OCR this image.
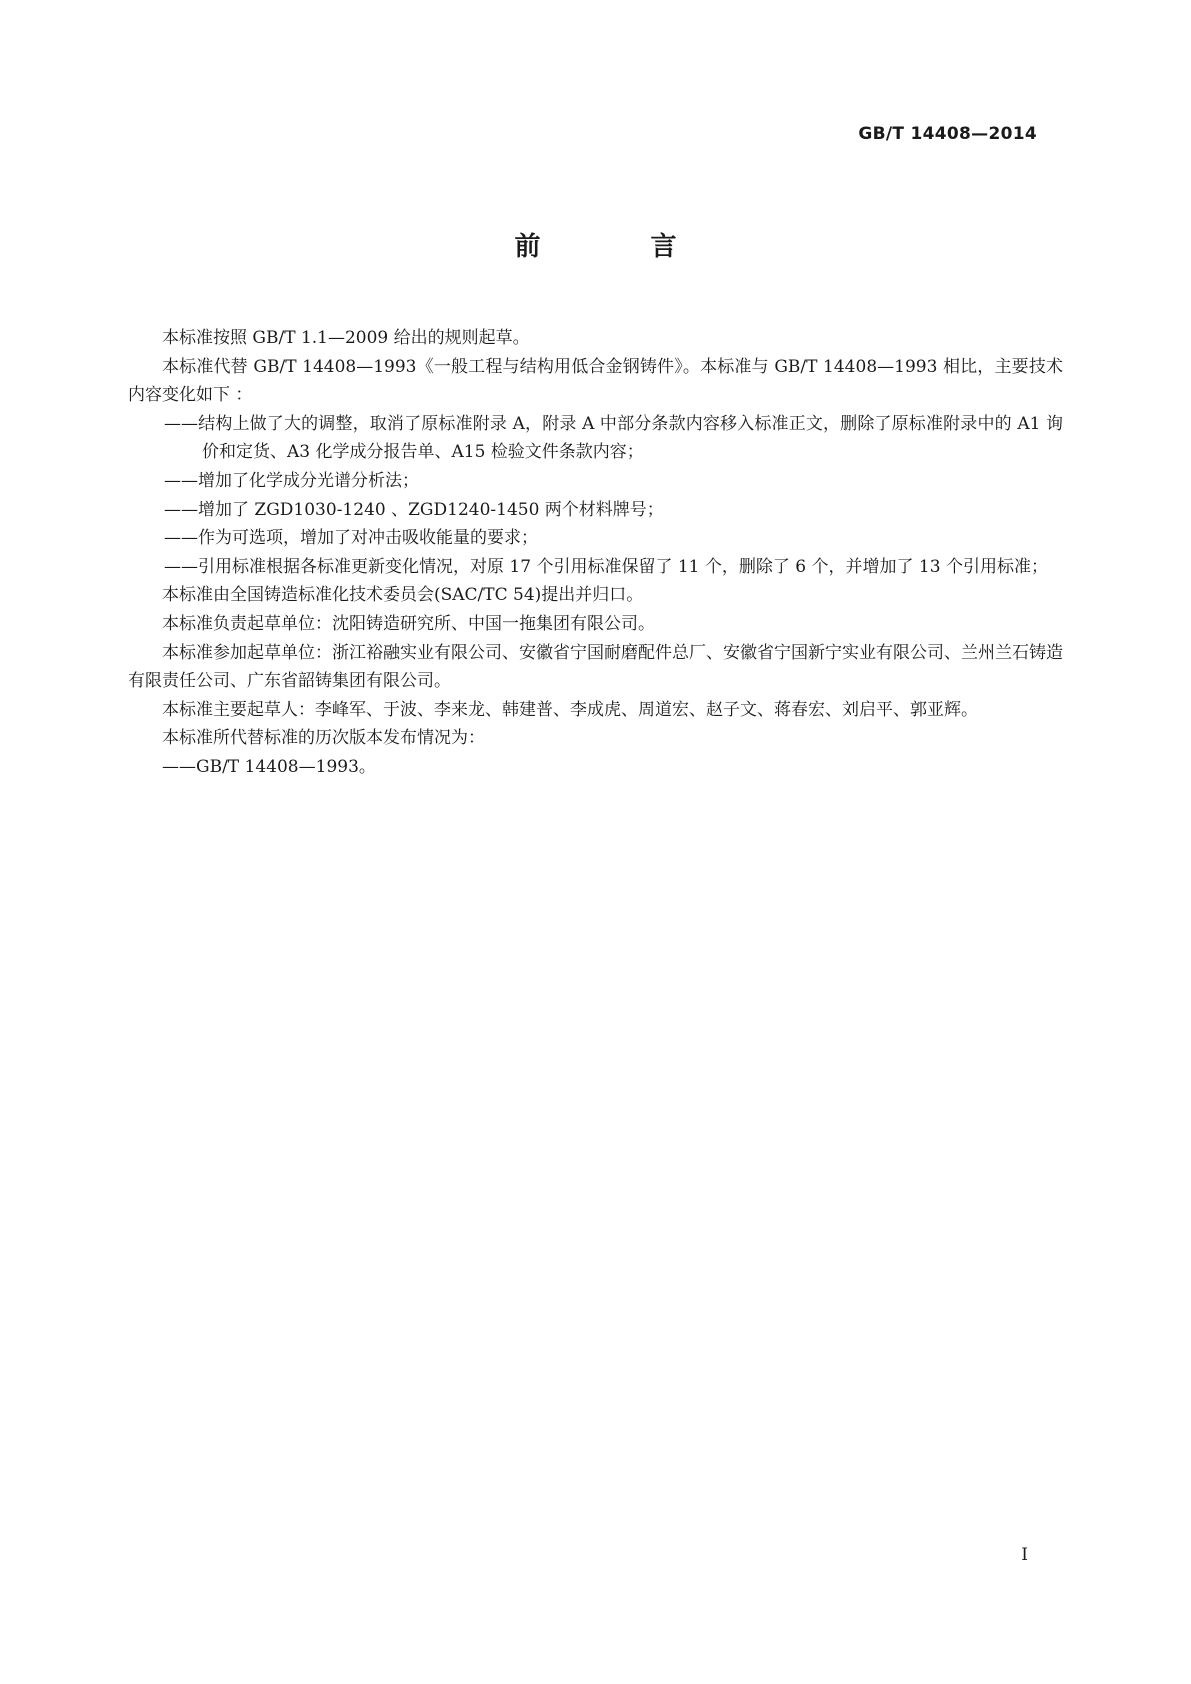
GB/T 14408—2014
前　言

本标准按照 GB/T 1.1—2009 给出的规则起草。

本标准代替 GB/T 14408—1993《一般工程与结构用低合金钢铸件》。本标准与 GB/T 14408—1993 相比，主要技术内容变化如下 ：

——结构上做了大的调整，取消了原标准附录 A，附录 A 中部分条款内容移入标准正文，删除了原标准附录中的 A1 询价和定货、A3 化学成分报告单、A15 检验文件条款内容；

——增加了化学成分光谱分析法；

——增加了 ZGD1030-1240 、ZGD1240-1450 两个材料牌号；

——作为可选项，增加了对冲击吸收能量的要求；

——引用标准根据各标准更新变化情况，对原 17 个引用标准保留了 11 个，删除了 6 个，并增加了 13 个引用标准；

本标准由全国铸造标准化技术委员会(SAC/TC 54)提出并归口。

本标准负责起草单位：沈阳铸造研究所、中国一拖集团有限公司。

本标准参加起草单位：浙江裕融实业有限公司、安徽省宁国耐磨配件总厂、安徽省宁国新宁实业有限公司、兰州兰石铸造有限责任公司、广东省韶铸集团有限公司。

本标准主要起草人：李峰军、于波、李来龙、韩建普、李成虎、周道宏、赵子文、蒋春宏、刘启平、郭亚辉。

本标准所代替标准的历次版本发布情况为：

——GB/T 14408—1993。

I
